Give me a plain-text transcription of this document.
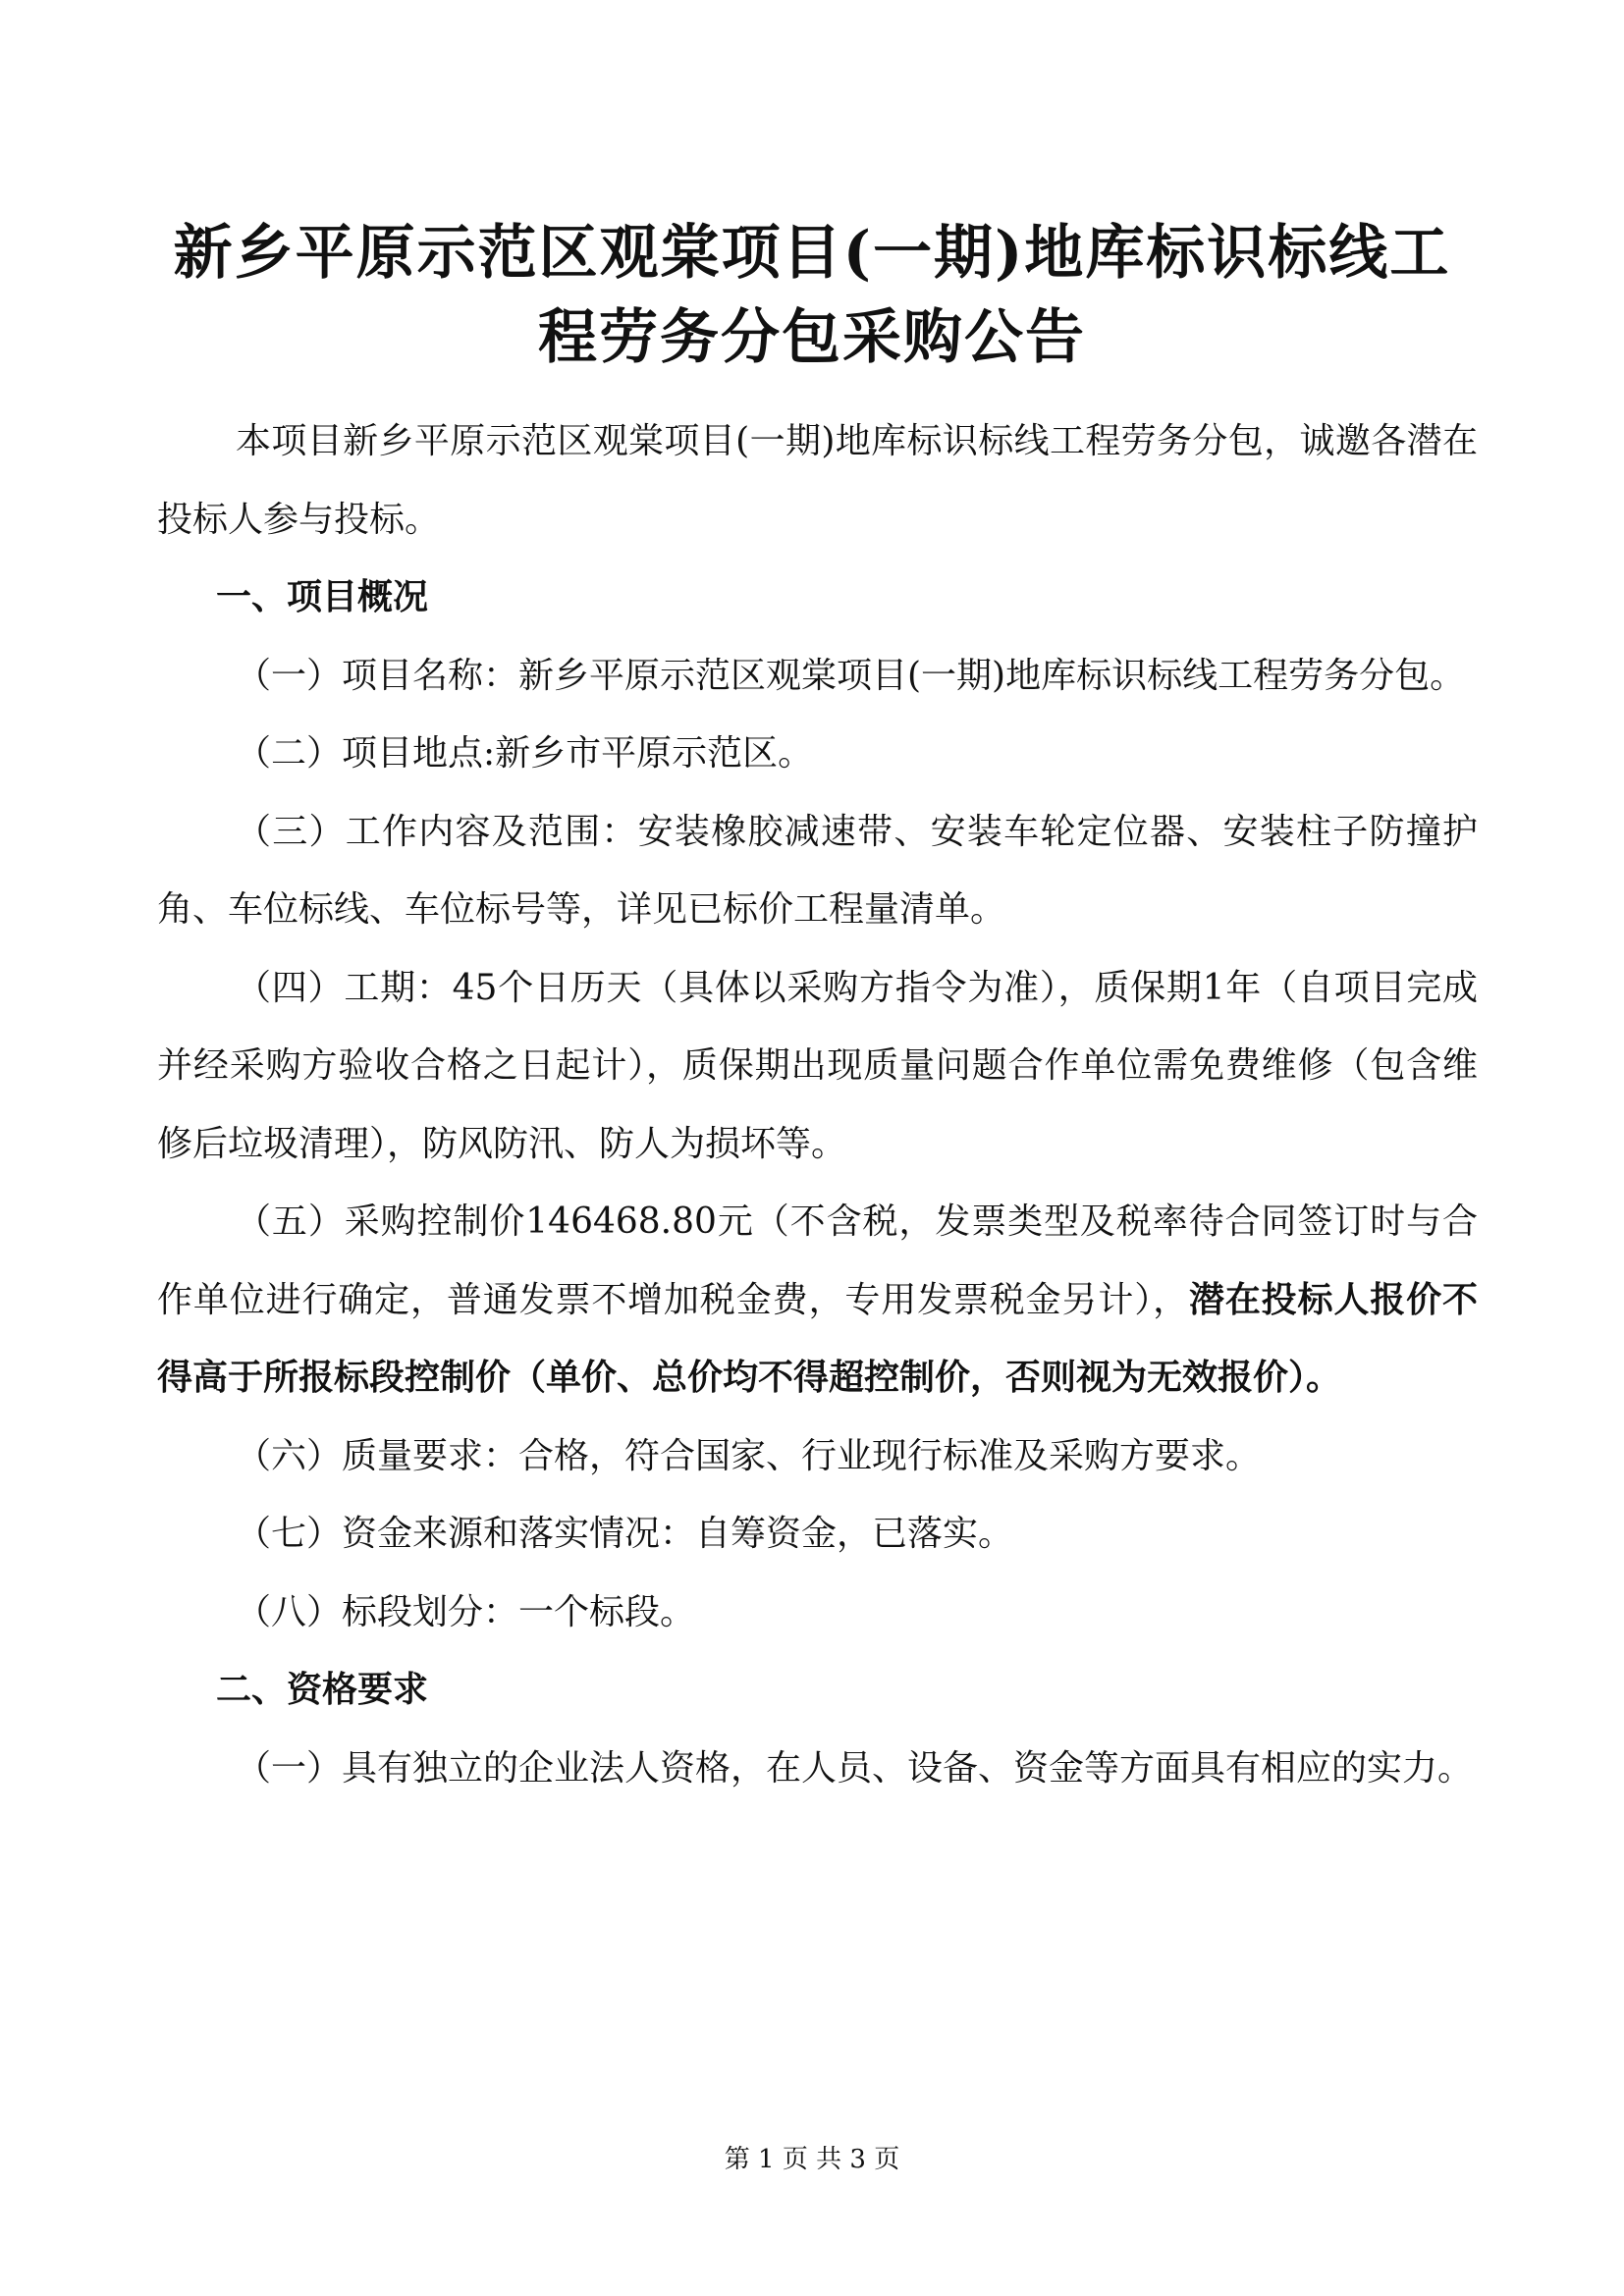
新乡平原示范区观棠项目(一期)地库标识标线工
程劳务分包采购公告

本项目新乡平原示范区观棠项目(一期)地库标识标线工程劳务分包，诚邀各潜在投标人参与投标。

一、项目概况

（一）项目名称：新乡平原示范区观棠项目(一期)地库标识标线工程劳务分包。

（二）项目地点:新乡市平原示范区。

（三）工作内容及范围：安装橡胶减速带、安装车轮定位器、安装柱子防撞护角、车位标线、车位标号等，详见已标价工程量清单。

（四）工期：45个日历天（具体以采购方指令为准），质保期1年（自项目完成并经采购方验收合格之日起计），质保期出现质量问题合作单位需免费维修（包含维修后垃圾清理），防风防汛、防人为损坏等。

（五）采购控制价146468.80元（不含税，发票类型及税率待合同签订时与合作单位进行确定，普通发票不增加税金费，专用发票税金另计），潜在投标人报价不得高于所报标段控制价（单价、总价均不得超控制价，否则视为无效报价）。

（六）质量要求：合格，符合国家、行业现行标准及采购方要求。

（七）资金来源和落实情况：自筹资金，已落实。

（八）标段划分：一个标段。

二、资格要求

（一）具有独立的企业法人资格，在人员、设备、资金等方面具有相应的实力。

第 1 页 共 3 页
